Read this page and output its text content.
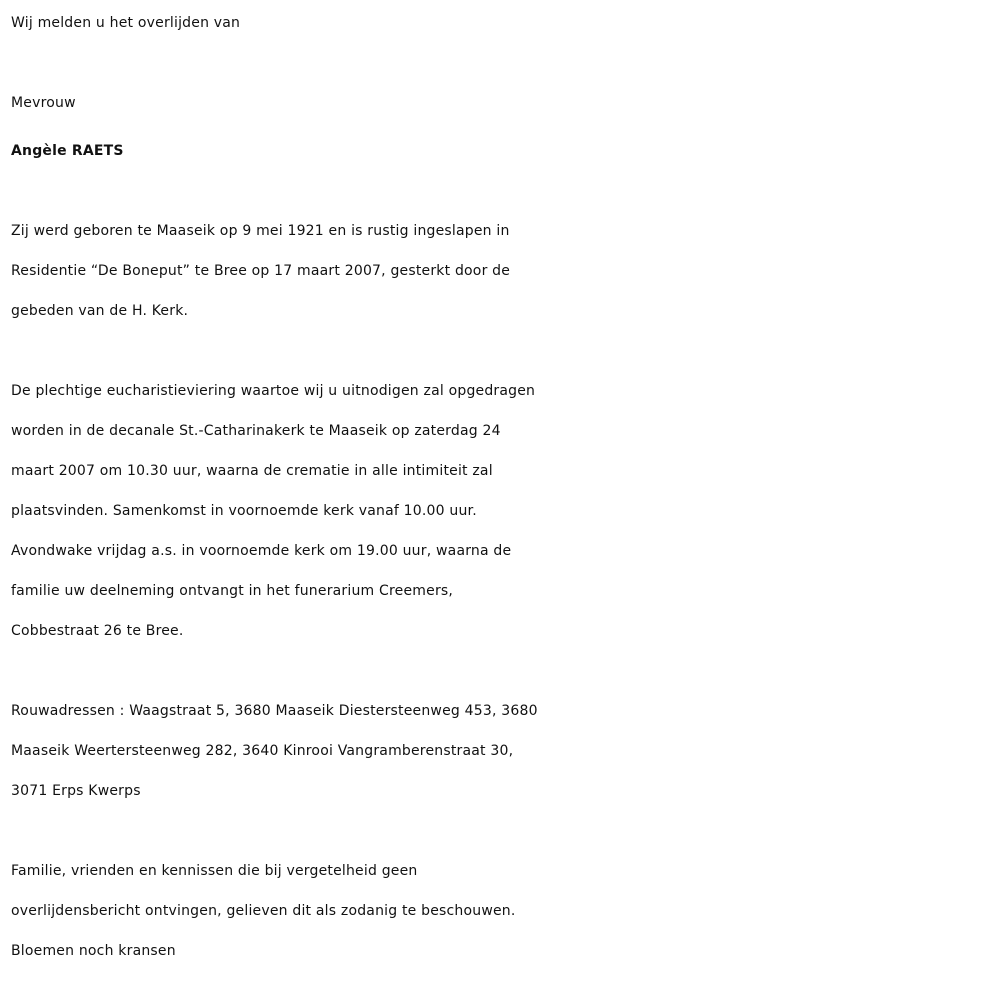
Wij melden u het overlijden van
Mevrouw
Angèle RAETS
Zij werd geboren te Maaseik op 9 mei 1921 en is rustig ingeslapen in
Residentie “De Boneput” te Bree op 17 maart 2007, gesterkt door de
gebeden van de H. Kerk.
De plechtige eucharistieviering waartoe wij u uitnodigen zal opgedragen
worden in de decanale St.-Catharinakerk te Maaseik op zaterdag 24
maart 2007 om 10.30 uur, waarna de crematie in alle intimiteit zal
plaatsvinden. Samenkomst in voornoemde kerk vanaf 10.00 uur.
Avondwake vrijdag a.s. in voornoemde kerk om 19.00 uur, waarna de
familie uw deelneming ontvangt in het funerarium Creemers,
Cobbestraat 26 te Bree.
Rouwadressen : Waagstraat 5, 3680 Maaseik Diestersteenweg 453, 3680
Maaseik Weertersteenweg 282, 3640 Kinrooi Vangramberenstraat 30,
3071 Erps Kwerps
Familie, vrienden en kennissen die bij vergetelheid geen
overlijdensbericht ontvingen, gelieven dit als zodanig te beschouwen.
Bloemen noch kransen
